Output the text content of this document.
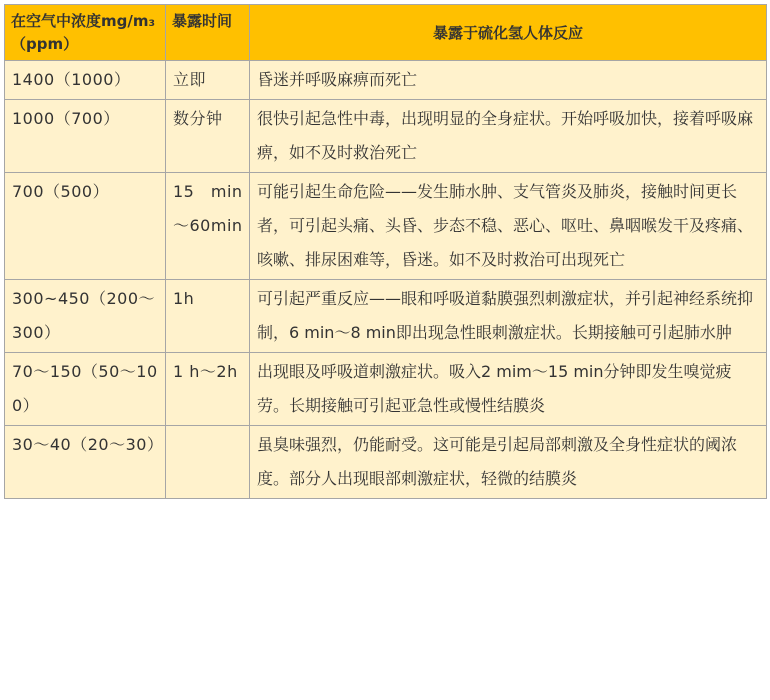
在空气中浓度mg/m₃（ppm）	暴露时间	暴露于硫化氢人体反应
1400（1000）	立即	昏迷并呼吸麻痹而死亡
1000（700）	数分钟	很快引起急性中毒，出现明显的全身症状。开始呼吸加快，接着呼吸麻痹，如不及时救治死亡
700（500）	15　min～60min	可能引起生命危险——发生肺水肿、支气管炎及肺炎，接触时间更长者，可引起头痛、头昏、步态不稳、恶心、呕吐、鼻咽喉发干及疼痛、咳嗽、排尿困难等，昏迷。如不及时救治可出现死亡
300~450（200～300）	1h	可引起严重反应——眼和呼吸道黏膜强烈刺激症状，并引起神经系统抑制，6 min～8 min即出现急性眼刺激症状。长期接触可引起肺水肿
70～150（50～100）	1 h～2h	出现眼及呼吸道刺激症状。吸入2 mim～15 min分钟即发生嗅觉疲劳。长期接触可引起亚急性或慢性结膜炎
30～40（20～30）		虽臭味强烈，仍能耐受。这可能是引起局部刺激及全身性症状的阈浓度。部分人出现眼部刺激症状，轻微的结膜炎
